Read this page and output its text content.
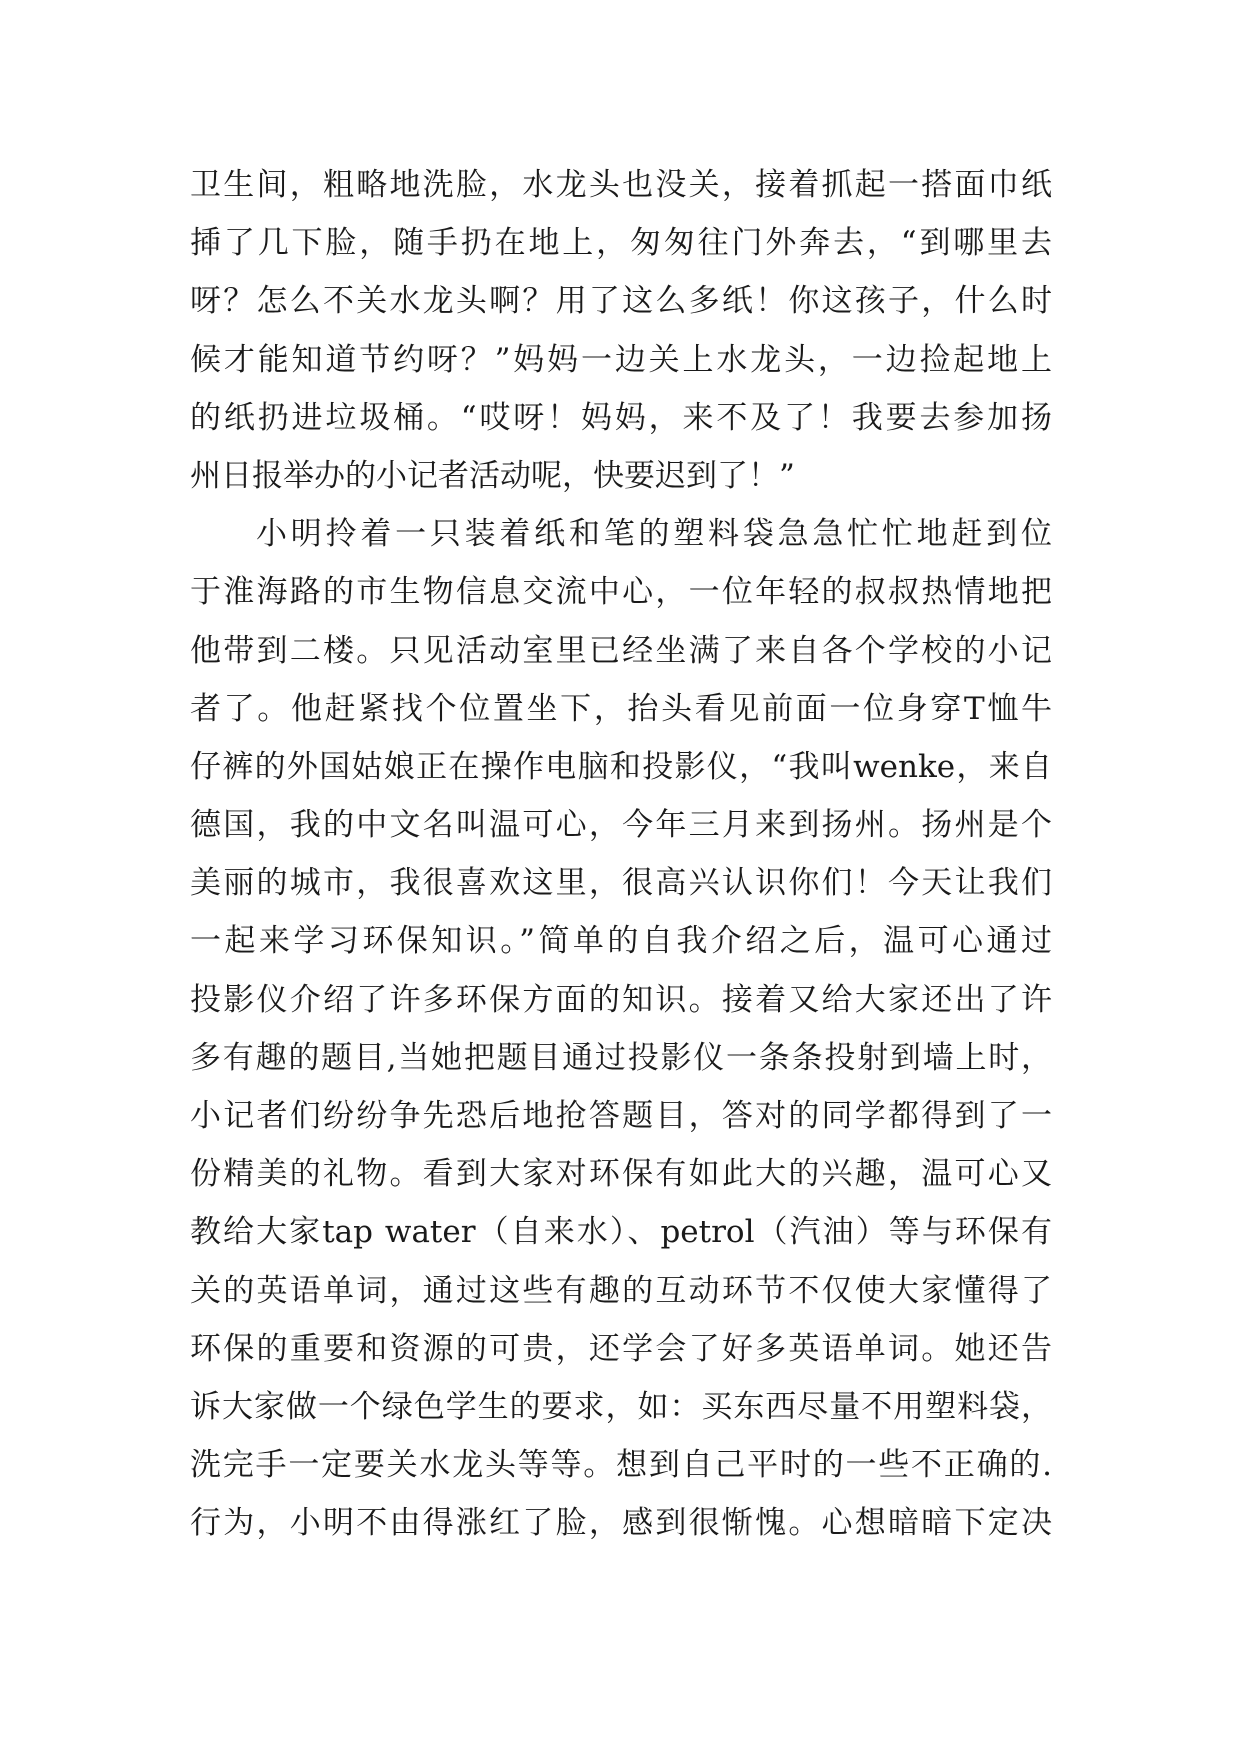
卫生间，粗略地洗脸，水龙头也没关，接着抓起一搭面巾纸
揷了几下脸，随手扔在地上，匆匆往门外奔去，“到哪里去
呀？怎么不关水龙头啊？用了这么多纸！你这孩子，什么时
候才能知道节约呀？”妈妈一边关上水龙头，一边捡起地上
的纸扔进垃圾桶。“哎呀！妈妈，来不及了！我要去参加扬
州日报举办的小记者活动呢，快要迟到了！”
小明拎着一只装着纸和笔的塑料袋急急忙忙地赶到位
于淮海路的市生物信息交流中心，一位年轻的叔叔热情地把
他带到二楼。只见活动室里已经坐满了来自各个学校的小记
者了。他赶紧找个位置坐下，抬头看见前面一位身穿T恤牛
仔裤的外国姑娘正在操作电脑和投影仪，“我叫wenke，来自
德国，我的中文名叫温可心，今年三月来到扬州。扬州是个
美丽的城市，我很喜欢这里，很高兴认识你们！今天让我们
一起来学习环保知识。”简单的自我介绍之后，温可心通过
投影仪介绍了许多环保方面的知识。接着又给大家还出了许
多有趣的题目,当她把题目通过投影仪一条条投射到墙上时，
小记者们纷纷争先恐后地抢答题目，答对的同学都得到了一
份精美的礼物。看到大家对环保有如此大的兴趣，温可心又
教给大家tap water（自来水）、petrol（汽油）等与环保有
关的英语单词，通过这些有趣的互动环节不仅使大家懂得了
环保的重要和资源的可贵，还学会了好多英语单词。她还告
诉大家做一个绿色学生的要求，如：买东西尽量不用塑料袋，
洗完手一定要关水龙头等等。想到自己平时的一些不正确的.
行为，小明不由得涨红了脸，感到很惭愧。心想暗暗下定决
